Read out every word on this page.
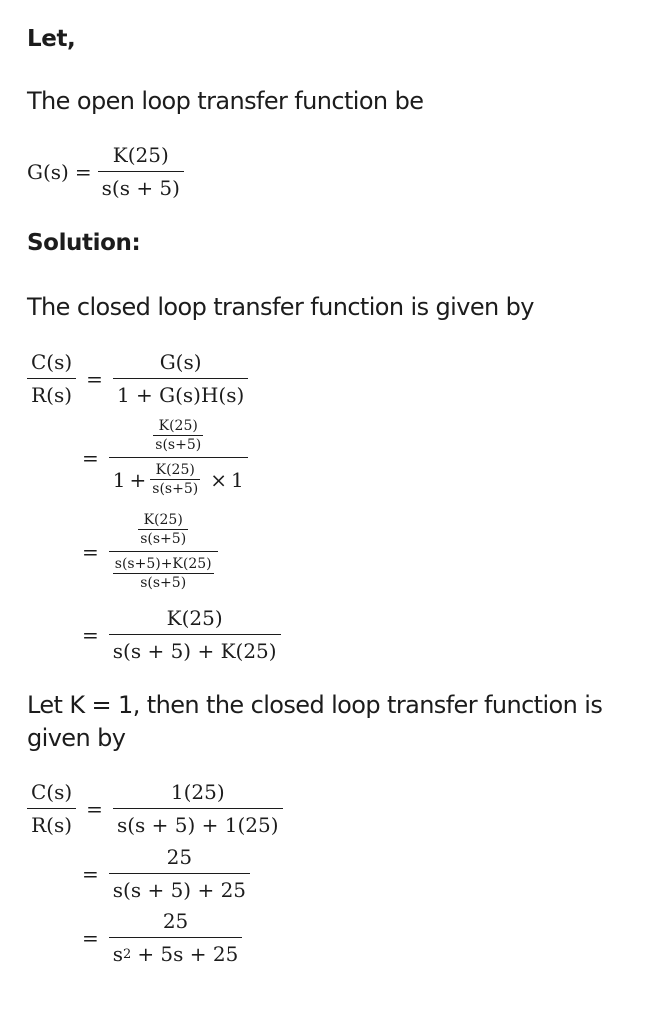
Let,
The open loop transfer function be
$G(s) = \frac{K(25)}{s(s + 5)}$
Solution:
The closed loop transfer function is given by
$\frac{C(s)}{R(s)} = \frac{G(s)}{1 + G(s)H(s)}$
=
$\frac{K(25)}{s(s+5)}$
$1 + \frac{K(25)}{s(s+5)} \times 1$
= $\frac{\frac{K(25)}{s(s+5)}}{\frac{s(s+5)+K(25)}{s(s+5)}}$
= $\frac{K(25)}{s(s + 5) + K(25)}$
Let K = 1, then the closed loop transfer function is given by
$\frac{C(s)}{R(s)} = \frac{1(25)}{s(s + 5) + 1(25)}$
= $\frac{25}{s(s + 5) + 25}$
= $\frac{25}{s 2 + 5s + 25}$
